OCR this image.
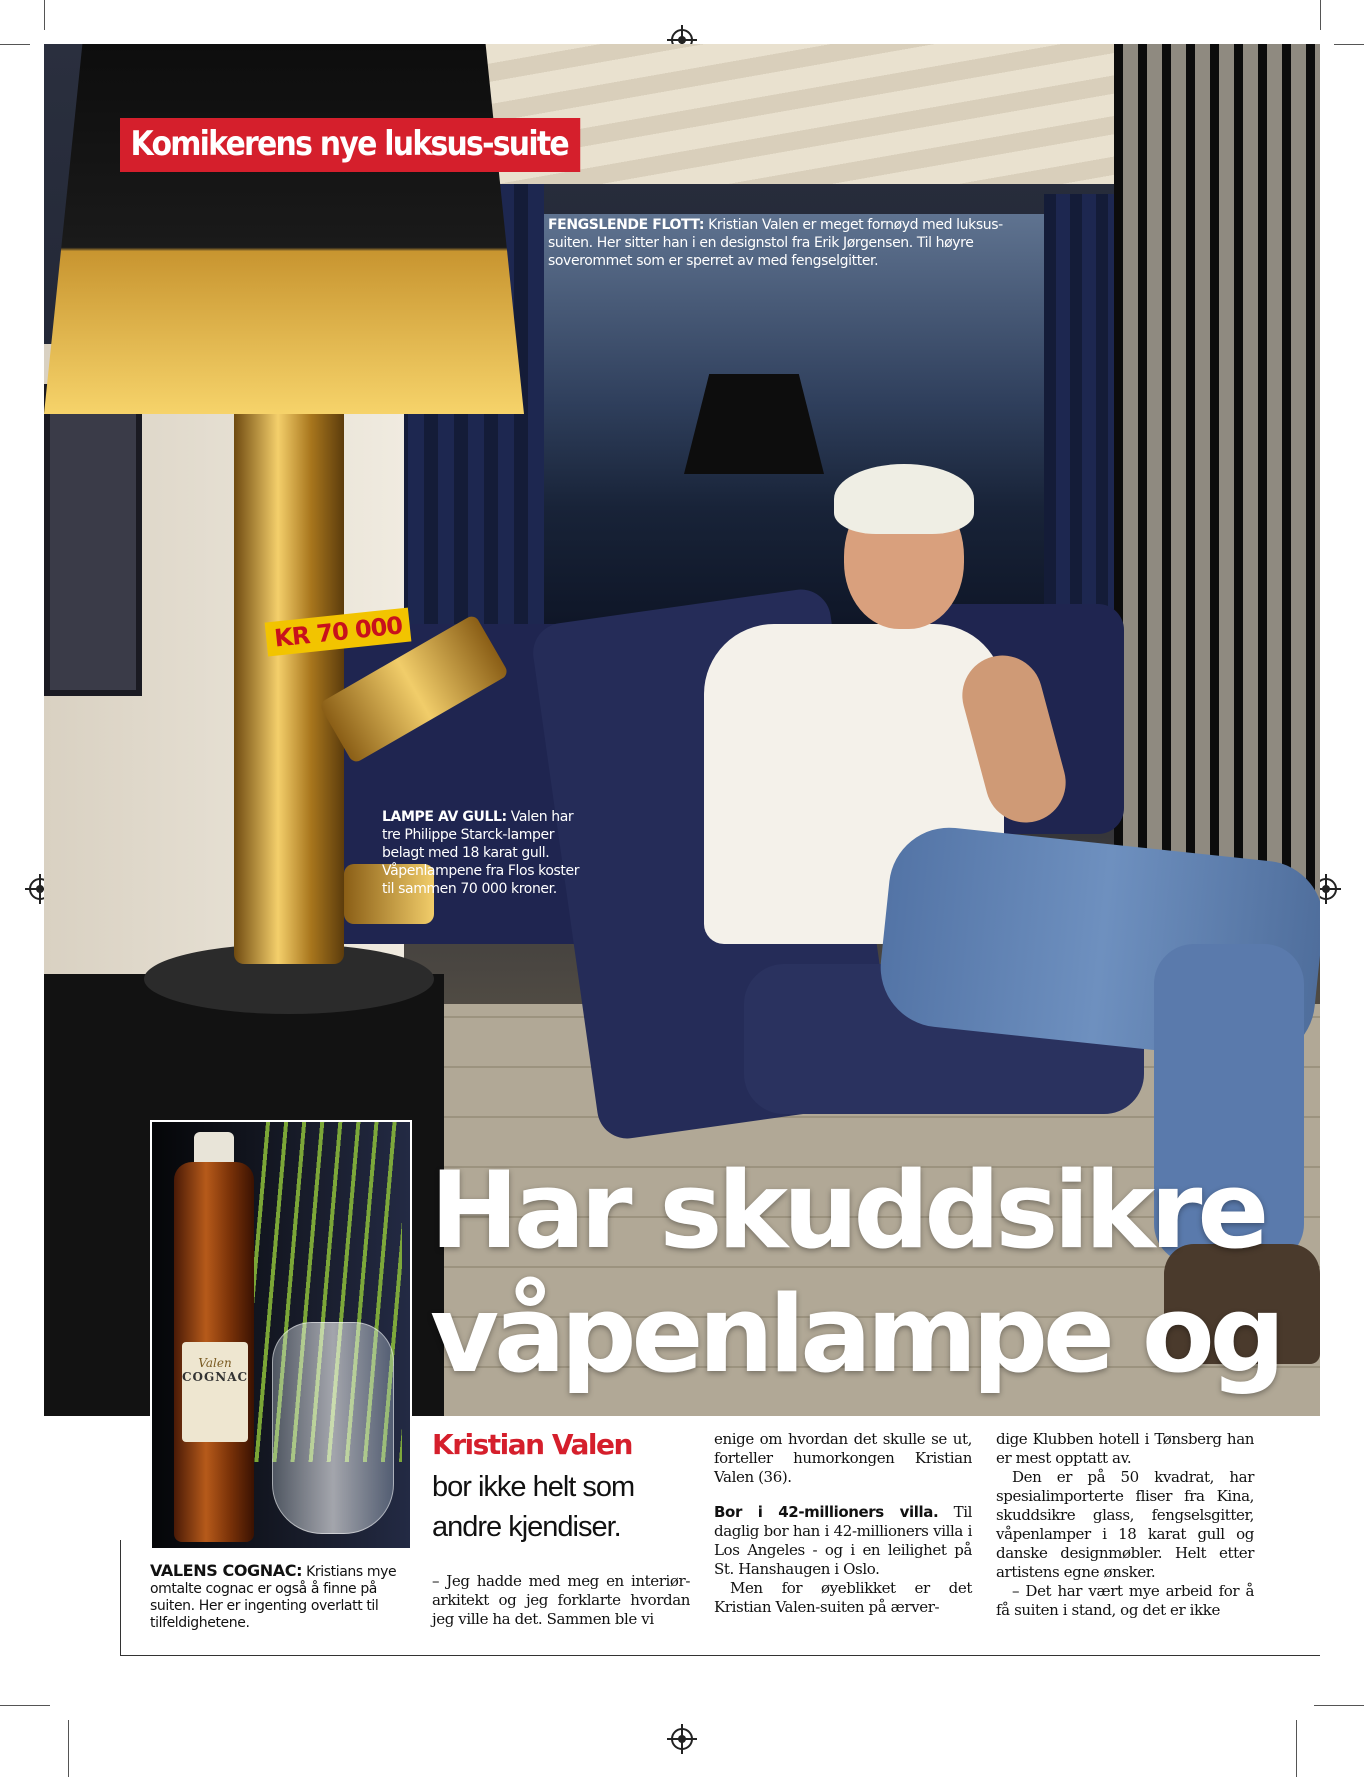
Komikerens nye luksus-suite
FENGSLENDE FLOTT: Kristian Valen er meget fornøyd med luksus-suiten. Her sitter han i en designstol fra Erik Jørgensen. Til høyre soverommet som er sperret av med fengselgitter.
LAMPE AV GULL: Valen har tre Philippe Starck-lamper belagt med 18 karat gull. Våpenlampene fra Flos koster til sammen 70 000 kroner.
KR 70 000
Har skuddsikre
våpenlampe og
Valen
COGNAC
VALENS COGNAC: Kristians mye omtalte cognac er også å finne på suiten. Her er ingenting overlatt til tilfeldighetene.
Kristian Valen
bor ikke helt som andre kjendiser.

– Jeg hadde med meg en interiør-arkitekt og jeg forklarte hvordan jeg ville ha det. Sammen ble vi

enige om hvordan det skulle se ut, forteller humorkongen Kristian Valen (36).

Bor i 42-millioners villa. Til daglig bor han i 42-millioners villa i Los Angeles - og i en leilighet på St. Hanshaugen i Oslo.

Men for øyeblikket er det Kristian Valen-suiten på ærver-

dige Klubben hotell i Tønsberg han er mest opptatt av.

Den er på 50 kvadrat, har spesialimporterte fliser fra Kina, skuddsikre glass, fengselsgitter, våpenlamper i 18 karat gull og danske designmøbler. Helt etter artistens egne ønsker.

– Det har vært mye arbeid for å få suiten i stand, og det er ikke
